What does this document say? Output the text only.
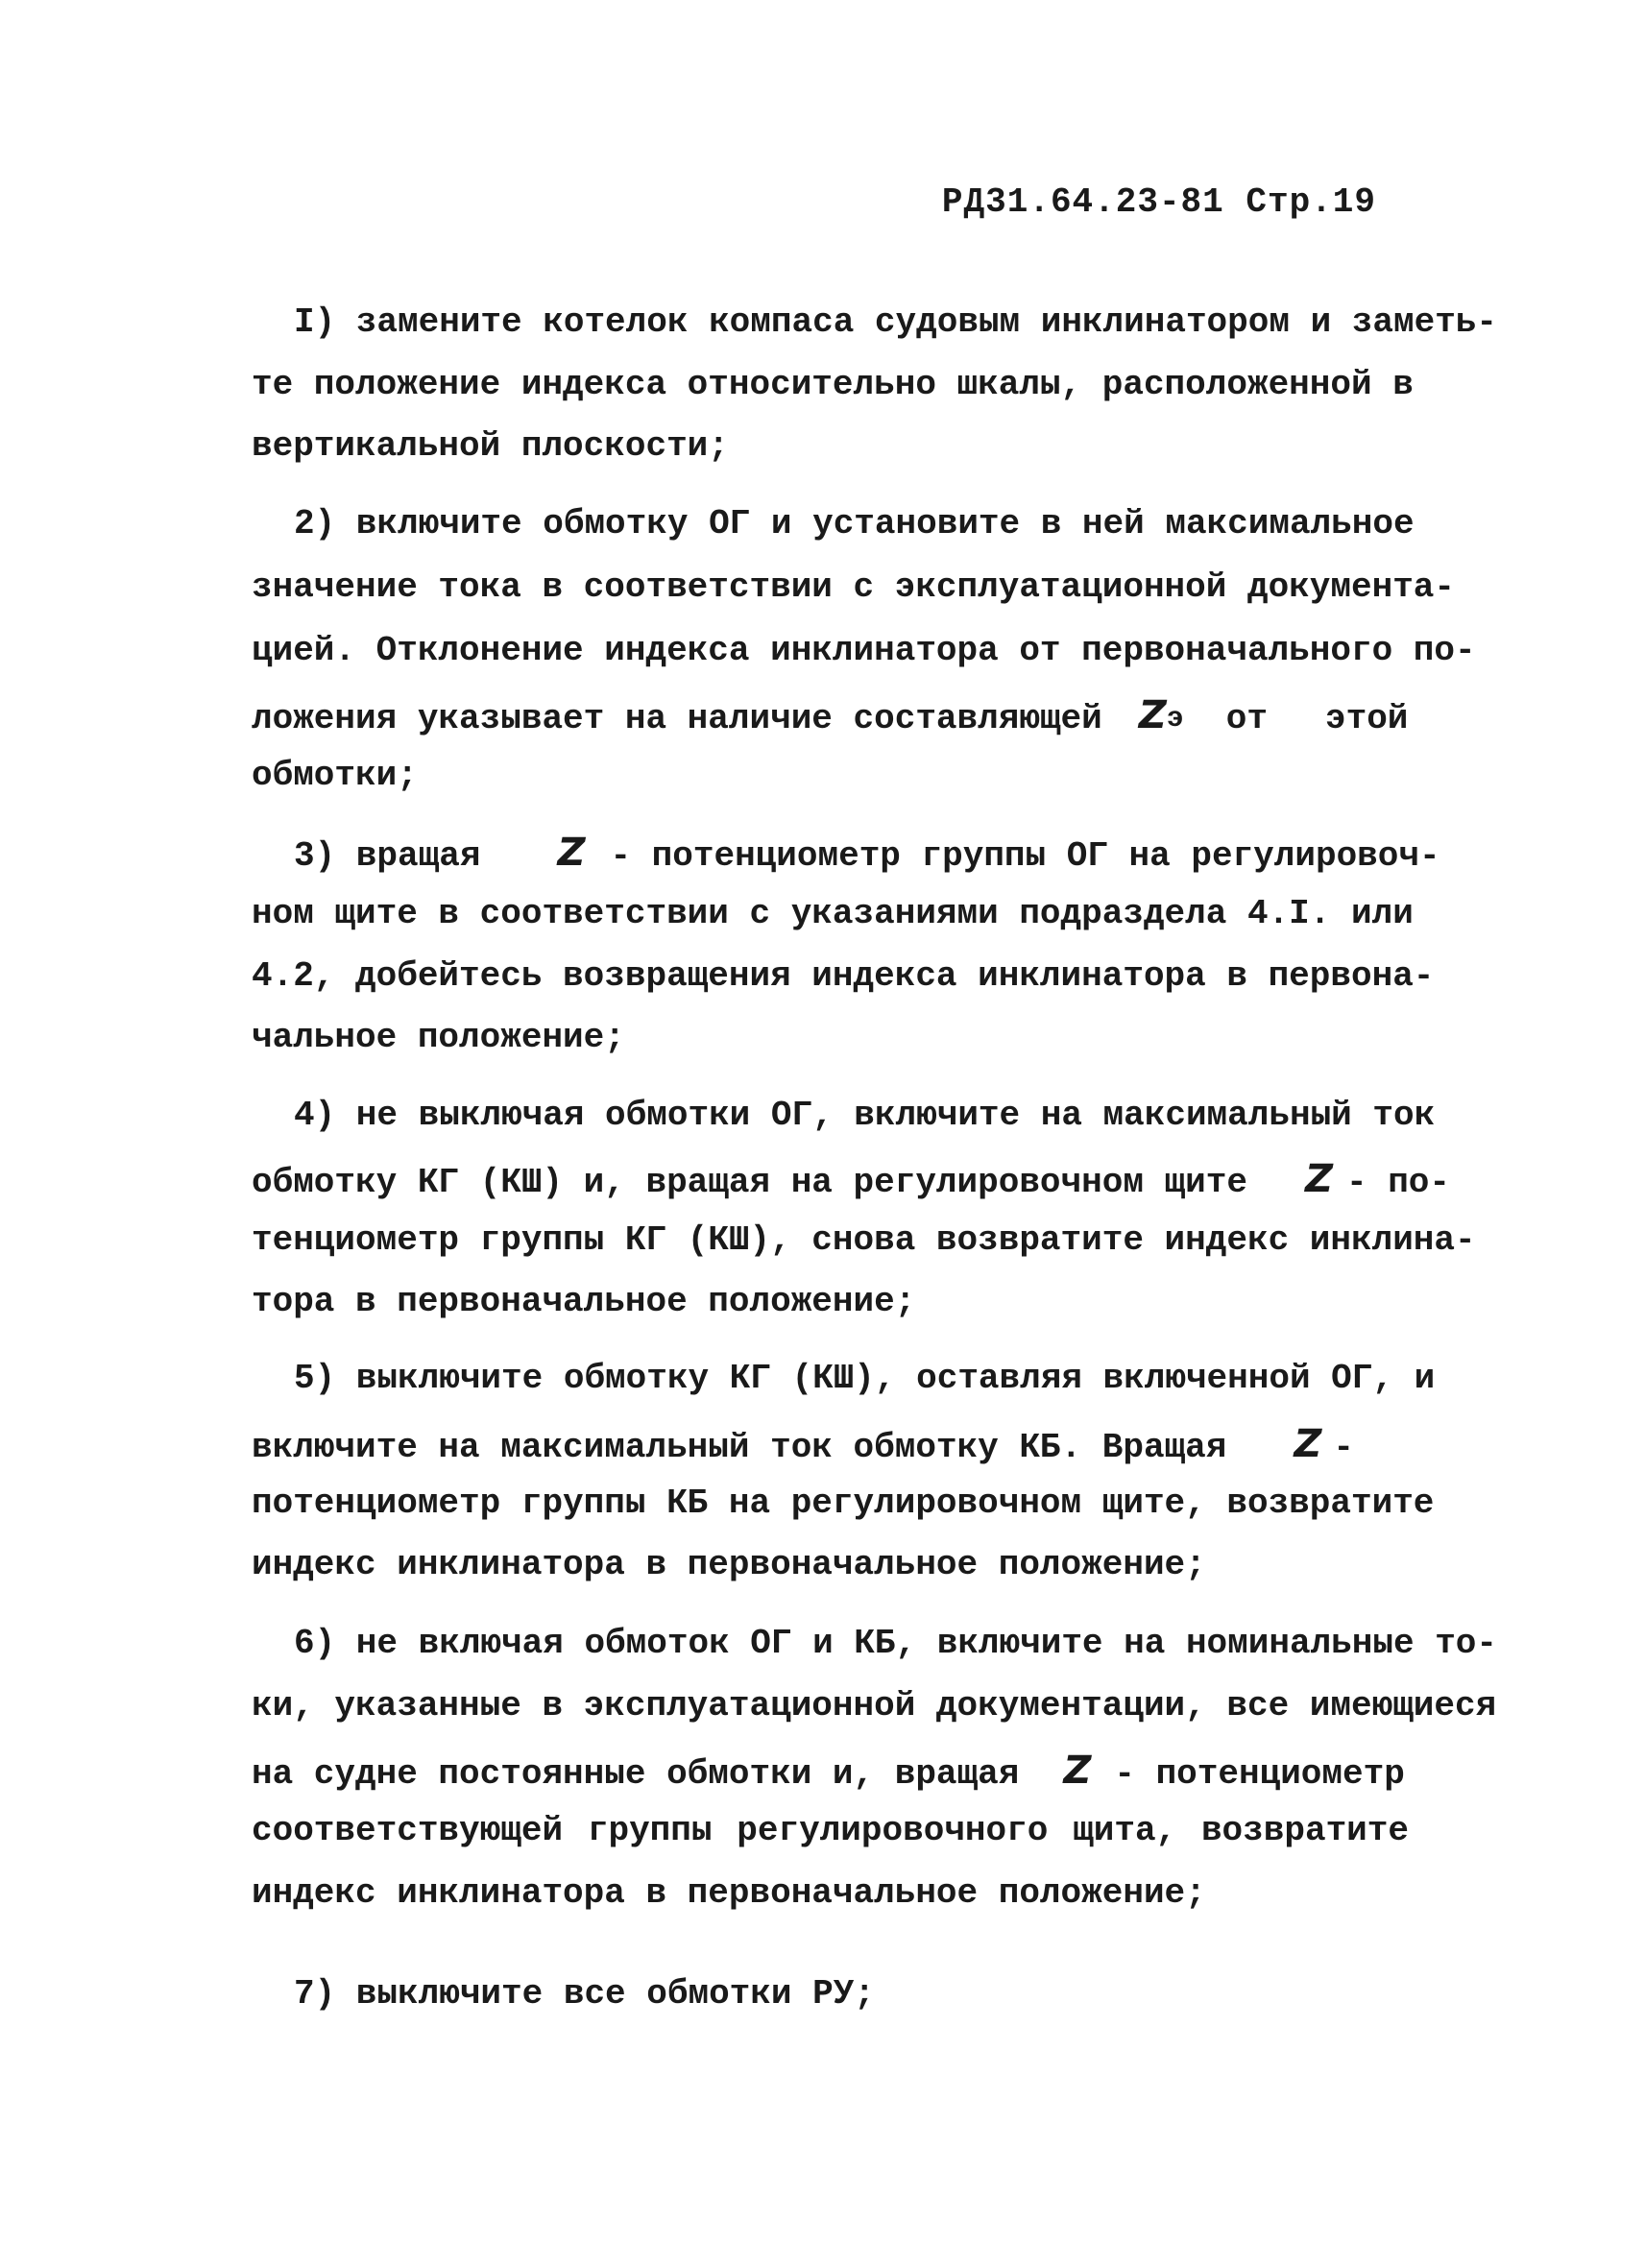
РД31.64.23-81 Стр.19
I) замените котелок компаса судовым инклинатором и заметь-
те положение индекса относительно шкалы, расположенной в
вертикальной плоскости;
2) включите обмотку ОГ и установите в ней максимальное
значение тока в соответствии с эксплуатационной документа-
цией. Отклонение индекса инклинатора от первоначального по-
ложения указывает на наличие составляющей Zэ от этой
обмотки;
3) вращая Z - потенциометр группы ОГ на регулировоч-
ном щите в соответствии с указаниями подраздела 4.I. или
4.2, добейтесь возвращения индекса инклинатора в первона-
чальное положение;
4) не выключая обмотки ОГ, включите на максимальный ток
обмотку КГ (КШ) и, вращая на регулировочном щите Z - по-
тенциометр группы КГ (КШ), снова возвратите индекс инклина-
тора в первоначальное положение;
5) выключите обмотку КГ (КШ), оставляя включенной ОГ, и
включите на максимальный ток обмотку КБ. Вращая Z -
потенциометр группы КБ на регулировочном щите, возвратите
индекс инклинатора в первоначальное положение;
6) не включая обмоток ОГ и КБ, включите на номинальные то-
ки, указанные в эксплуатационной документации, все имеющиеся
на судне постоянные обмотки и, вращая Z - потенциометр
соответствующей группы регулировочного щита, возвратите
индекс инклинатора в первоначальное положение;
7) выключите все обмотки РУ;
